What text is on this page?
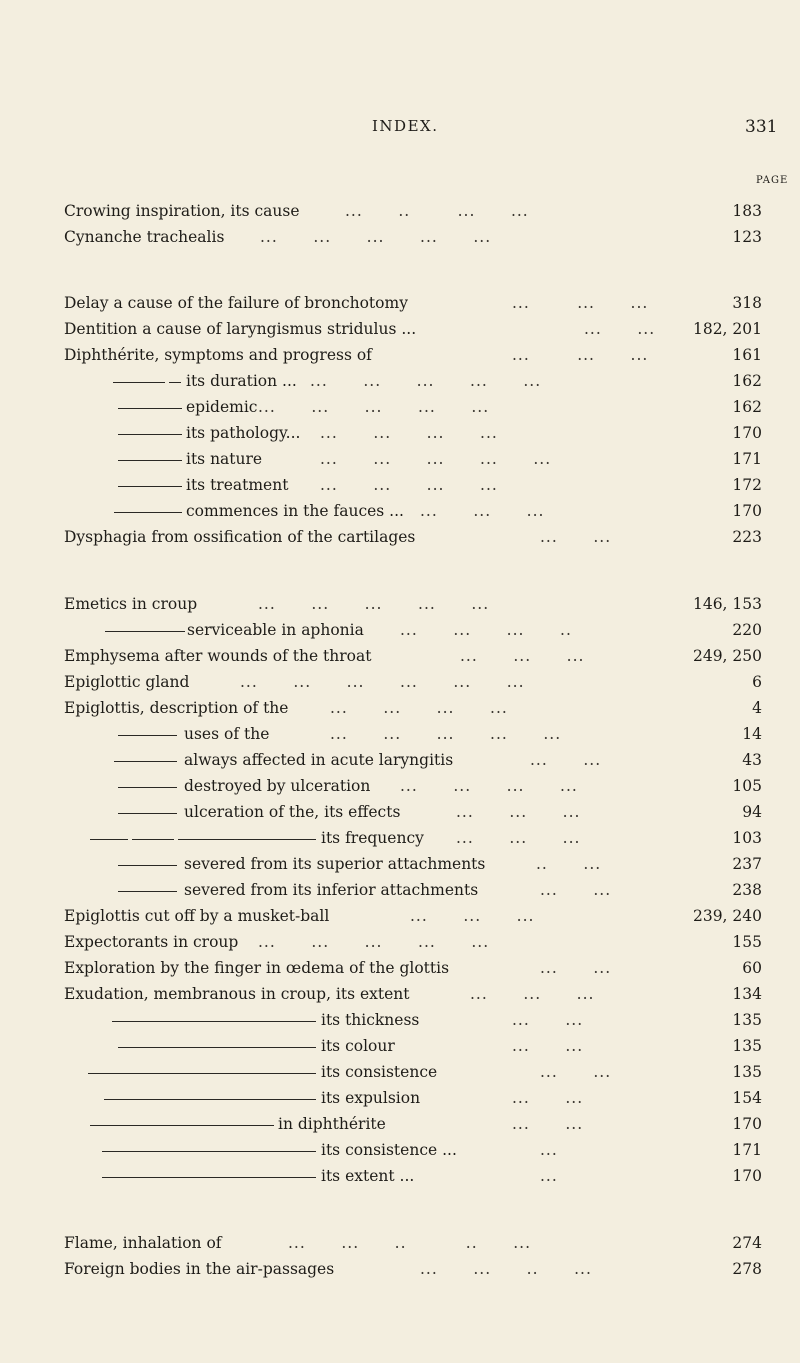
INDEX.	331
PAGE
Crowing inspiration, its cause	...      ..        ...      ...	183
Cynanche trachealis ...      ...      ...      ...      ...	123
Delay a cause of the failure of bronchotomy	...        ...      ...	318
Dentition a cause of laryngismus stridulus ...	...      ... 182, 201
Diphthérite, symptoms and progress of	...        ...      ...	161
its duration ... ...      ...      ...      ...      ...	162
epidemic ...      ...      ...      ...      ...	162
its pathology... ...      ...      ...      ...	170
its nature	...      ...      ...      ...      ...	171
its treatment ...      ...      ...      ...	172
commences in the fauces ... ...      ...      ...	170
Dysphagia from ossification of the cartilages	...      ...	223
Emetics in croup	...      ...      ...      ...      ...	146, 153
serviceable in aphonia ...      ...      ...      ..	220
Emphysema after wounds of the throat	...      ...      ...	249, 250
Epiglottic gland	...      ...      ...      ...      ...      ...	6
Epiglottis, description of the	...      ...      ...      ...	4
uses of the	...      ...      ...      ...      ...	14
always affected in acute laryngitis	...      ...	43
destroyed by ulceration ...      ...      ...      ...	105
ulceration of the, its effects	...      ...      ...	94
its frequency ...      ...      ...	103
severed from its superior attachments	..      ...	237
severed from its inferior attachments	...      ...	238
Epiglottis cut off by a musket-ball	...      ...      ...	239, 240
Expectorants in croup ...      ...      ...      ...      ...	155
Exploration by the finger in œdema of the glottis	...      ...	60
Exudation, membranous in croup, its extent	...      ...      ...	134
its thickness	...      ...	135
its colour	...      ...	135
its consistence	...      ...	135
its expulsion	...      ...	154
in diphthérite	...      ...	170
its consistence ...	...	171
its extent ...	...	170
Flame, inhalation of	...      ...      ..          ..      ...	274
Foreign bodies in the air-passages	...      ...      ..      ...	278
